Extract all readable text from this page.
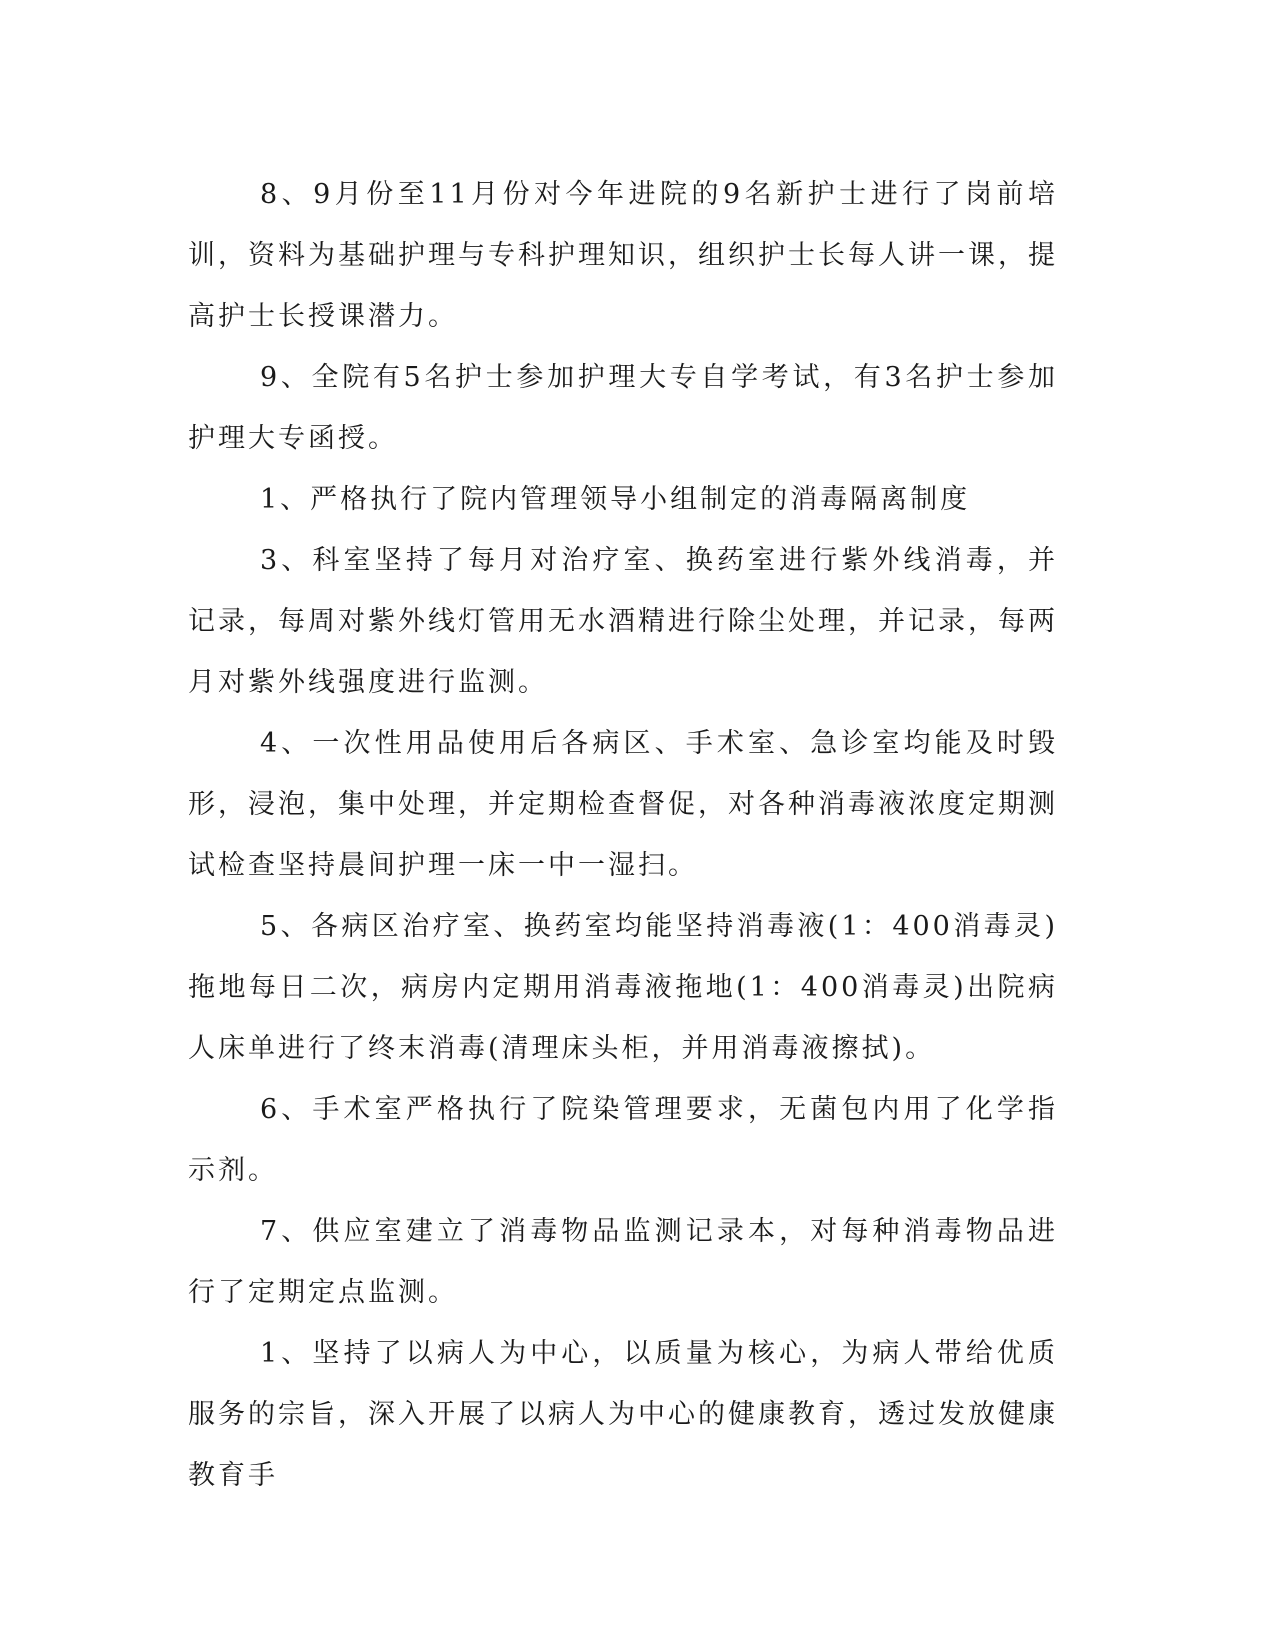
8、9月份至11月份对今年进院的9名新护士进行了岗前培训，资料为基础护理与专科护理知识，组织护士长每人讲一课，提高护士长授课潜力。

9、全院有5名护士参加护理大专自学考试，有3名护士参加护理大专函授。

1、严格执行了院内管理领导小组制定的消毒隔离制度

3、科室坚持了每月对治疗室、换药室进行紫外线消毒，并记录，每周对紫外线灯管用无水酒精进行除尘处理，并记录，每两月对紫外线强度进行监测。

4、一次性用品使用后各病区、手术室、急诊室均能及时毁形，浸泡，集中处理，并定期检查督促，对各种消毒液浓度定期测试检查坚持晨间护理一床一中一湿扫。

5、各病区治疗室、换药室均能坚持消毒液(1：400消毒灵)拖地每日二次，病房内定期用消毒液拖地(1：400消毒灵)出院病人床单进行了终末消毒(清理床头柜，并用消毒液擦拭)。

6、手术室严格执行了院染管理要求，无菌包内用了化学指示剂。

7、供应室建立了消毒物品监测记录本，对每种消毒物品进行了定期定点监测。

1、坚持了以病人为中心，以质量为核心，为病人带给优质服务的宗旨，深入开展了以病人为中心的健康教育，透过发放健康教育手
